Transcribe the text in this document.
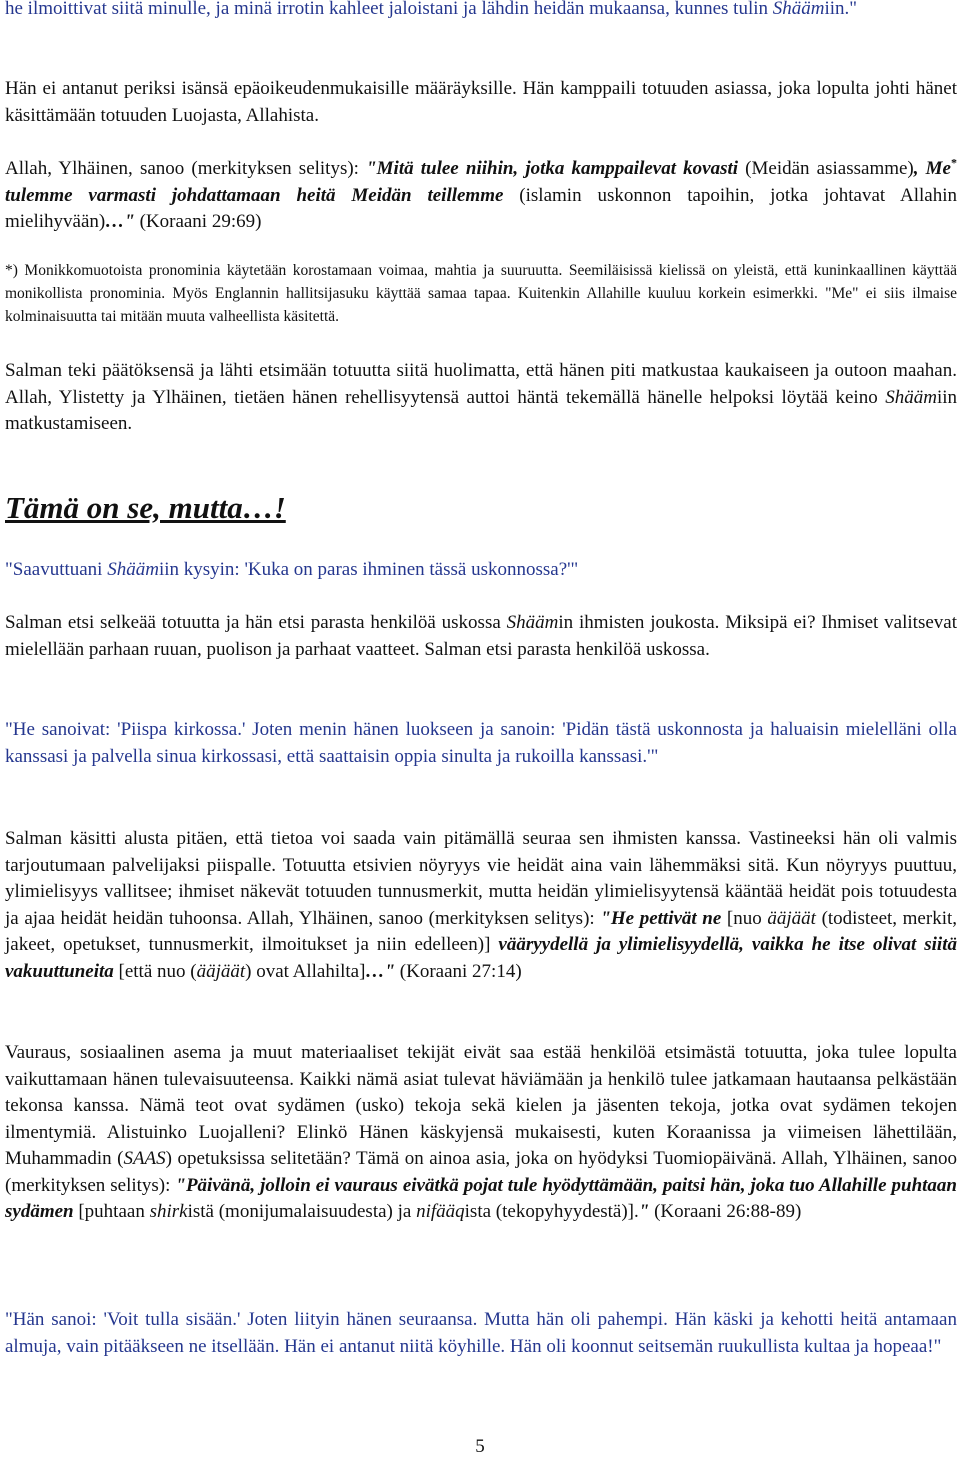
he ilmoittivat siitä minulle, ja minä irrotin kahleet jaloistani ja lähdin heidän mukaansa, kunnes tulin Shäämiin."

Hän ei antanut periksi isänsä epäoikeudenmukaisille määräyksille. Hän kamppaili totuuden asiassa, joka lopulta johti hänet käsittämään totuuden Luojasta, Allahista.

Allah, Ylhäinen, sanoo (merkityksen selitys): "Mitä tulee niihin, jotka kamppailevat kovasti (Meidän asiassamme), Me* tulemme varmasti johdattamaan heitä Meidän teillemme (islamin uskonnon tapoihin, jotka johtavat Allahin mielihyvään)…" (Koraani 29:69)

*) Monikkomuotoista pronominia käytetään korostamaan voimaa, mahtia ja suuruutta. Seemiläisissä kielissä on yleistä, että kuninkaallinen käyttää monikollista pronominia. Myös Englannin hallitsijasuku käyttää samaa tapaa. Kuitenkin Allahille kuuluu korkein esimerkki. "Me" ei siis ilmaise kolminaisuutta tai mitään muuta valheellista käsitettä.

Salman teki päätöksensä ja lähti etsimään totuutta siitä huolimatta, että hänen piti matkustaa kaukaiseen ja outoon maahan. Allah, Ylistetty ja Ylhäinen, tietäen hänen rehellisyytensä auttoi häntä tekemällä hänelle helpoksi löytää keino Shäämiin matkustamiseen.

Tämä on se, mutta…!

"Saavuttuani Shäämiin kysyin: 'Kuka on paras ihminen tässä uskonnossa?'"

Salman etsi selkeää totuutta ja hän etsi parasta henkilöä uskossa Shäämin ihmisten joukosta. Miksipä ei? Ihmiset valitsevat mielellään parhaan ruuan, puolison ja parhaat vaatteet. Salman etsi parasta henkilöä uskossa.

"He sanoivat: 'Piispa kirkossa.' Joten menin hänen luokseen ja sanoin: 'Pidän tästä uskonnosta ja haluaisin mielelläni olla kanssasi ja palvella sinua kirkossasi, että saattaisin oppia sinulta ja rukoilla kanssasi.'"

Salman käsitti alusta pitäen, että tietoa voi saada vain pitämällä seuraa sen ihmisten kanssa. Vastineeksi hän oli valmis tarjoutumaan palvelijaksi piispalle. Totuutta etsivien nöyryys vie heidät aina vain lähemmäksi sitä. Kun nöyryys puuttuu, ylimielisyys vallitsee; ihmiset näkevät totuuden tunnusmerkit, mutta heidän ylimielisyytensä kääntää heidät pois totuudesta ja ajaa heidät heidän tuhoonsa. Allah, Ylhäinen, sanoo (merkityksen selitys): "He pettivät ne [nuo ääjäät (todisteet, merkit, jakeet, opetukset, tunnusmerkit, ilmoitukset ja niin edelleen)] vääryydellä ja ylimielisyydellä, vaikka he itse olivat siitä vakuuttuneita [että nuo (ääjäät) ovat Allahilta]…" (Koraani 27:14)

Vauraus, sosiaalinen asema ja muut materiaaliset tekijät eivät saa estää henkilöä etsimästä totuutta, joka tulee lopulta vaikuttamaan hänen tulevaisuuteensa. Kaikki nämä asiat tulevat häviämään ja henkilö tulee jatkamaan hautaansa pelkästään tekonsa kanssa. Nämä teot ovat sydämen (usko) tekoja sekä kielen ja jäsenten tekoja, jotka ovat sydämen tekojen ilmentymiä. Alistuinko Luojalleni? Elinkö Hänen käskyjensä mukaisesti, kuten Koraanissa ja viimeisen lähettilään, Muhammadin (SAAS) opetuksissa selitetään? Tämä on ainoa asia, joka on hyödyksi Tuomiopäivänä. Allah, Ylhäinen, sanoo (merkityksen selitys): "Päivänä, jolloin ei vauraus eivätkä pojat tule hyödyttämään, paitsi hän, joka tuo Allahille puhtaan sydämen [puhtaan shirkistä (monijumalaisuudesta) ja nifääqista (tekopyhyydestä)]." (Koraani 26:88-89)

"Hän sanoi: 'Voit tulla sisään.' Joten liityin hänen seuraansa. Mutta hän oli pahempi. Hän käski ja kehotti heitä antamaan almuja, vain pitääkseen ne itsellään. Hän ei antanut niitä köyhille. Hän oli koonnut seitsemän ruukullista kultaa ja hopeaa!"

5
